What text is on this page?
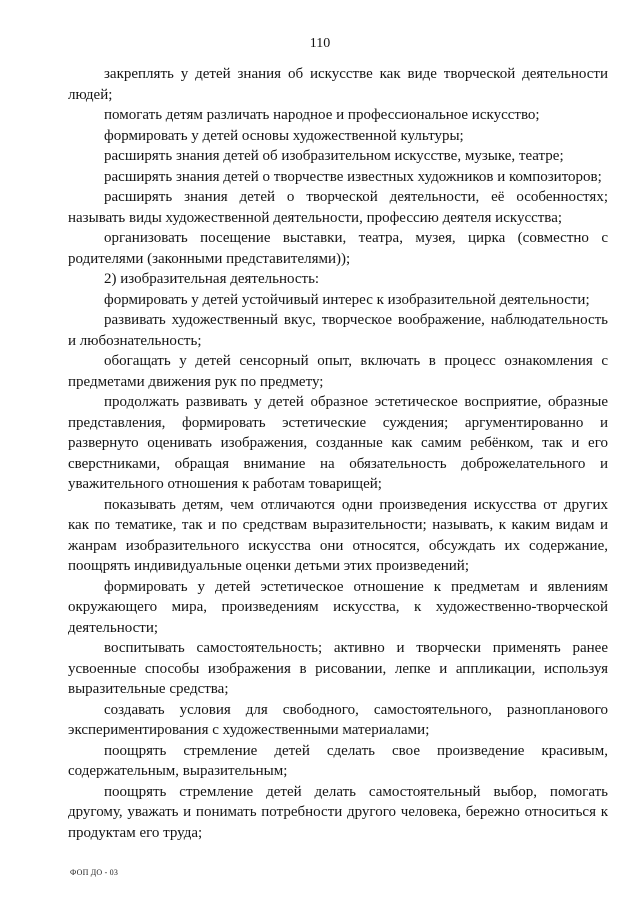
110

закреплять у детей знания об искусстве как виде творческой деятельности людей;

помогать детям различать народное и профессиональное искусство;

формировать у детей основы художественной культуры;

расширять знания детей об изобразительном искусстве, музыке, театре;

расширять знания детей о творчестве известных художников и композиторов;

расширять знания детей о творческой деятельности, её особенностях; называть виды художественной деятельности, профессию деятеля искусства;

организовать посещение выставки, театра, музея, цирка (совместно с родителями (законными представителями));

2) изобразительная деятельность:

формировать у детей устойчивый интерес к изобразительной деятельности;

развивать художественный вкус, творческое воображение, наблюдательность и любознательность;

обогащать у детей сенсорный опыт, включать в процесс ознакомления с предметами движения рук по предмету;

продолжать развивать у детей образное эстетическое восприятие, образные представления, формировать эстетические суждения; аргументированно и развернуто оценивать изображения, созданные как самим ребёнком, так и его сверстниками, обращая внимание на обязательность доброжелательного и уважительного отношения к работам товарищей;

показывать детям, чем отличаются одни произведения искусства от других как по тематике, так и по средствам выразительности; называть, к каким видам и жанрам изобразительного искусства они относятся, обсуждать их содержание, поощрять индивидуальные оценки детьми этих произведений;

формировать у детей эстетическое отношение к предметам и явлениям окружающего мира, произведениям искусства, к художественно-творческой деятельности;

воспитывать самостоятельность; активно и творчески применять ранее усвоенные способы изображения в рисовании, лепке и аппликации, используя выразительные средства;

создавать условия для свободного, самостоятельного, разнопланового экспериментирования с художественными материалами;

поощрять стремление детей сделать свое произведение красивым, содержательным, выразительным;

поощрять стремление детей делать самостоятельный выбор, помогать другому, уважать и понимать потребности другого человека, бережно относиться к продуктам его труда;

ФОП ДО - 03
